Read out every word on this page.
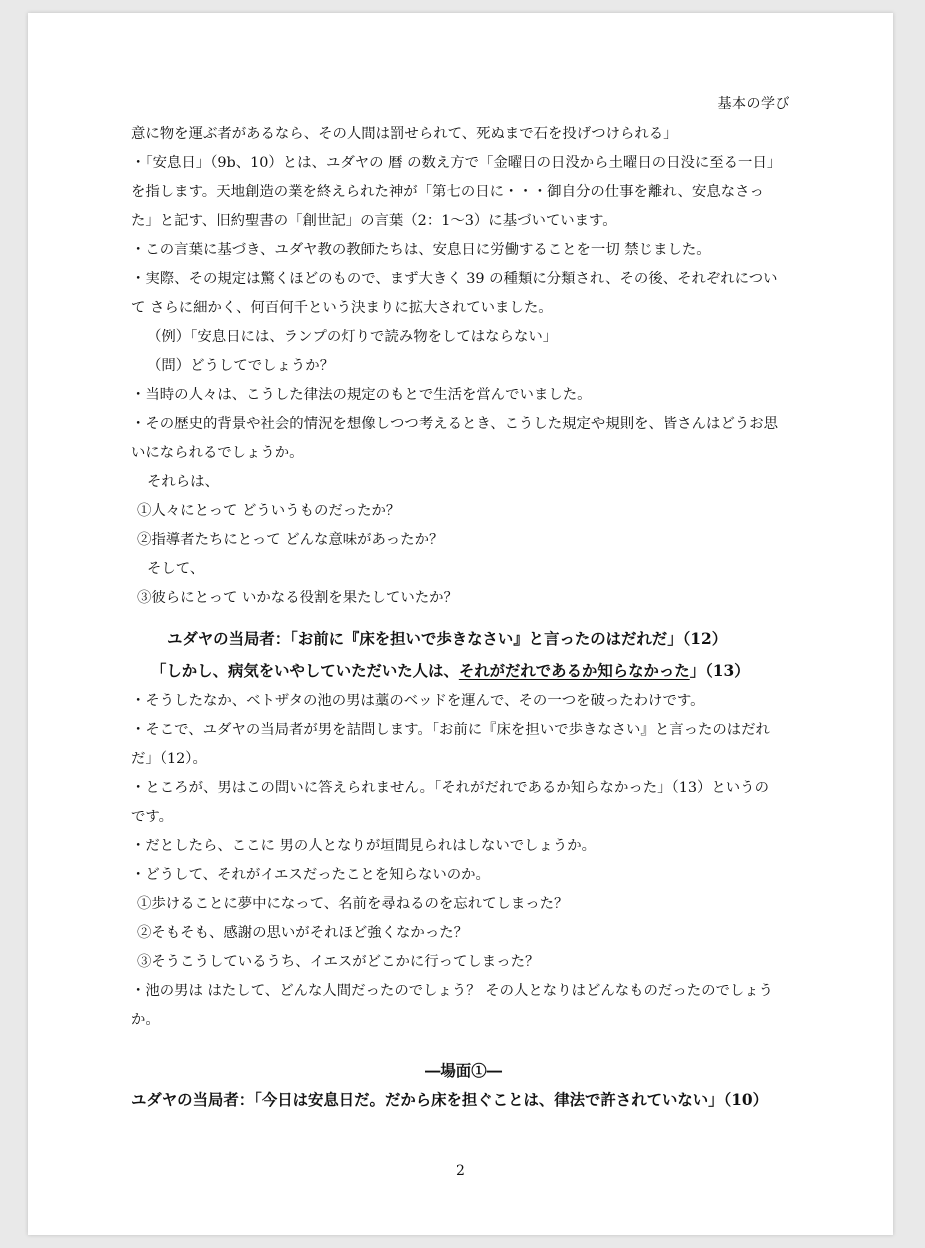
基本の学び
意に物を運ぶ者があるなら、その人間は罰せられて、死ぬまで石を投げつけられる」
・「安息日」（9b、10）とは、ユダヤの 暦 の数え方で「金曜日の日没から土曜日の日没に至る一日」
を指します。天地創造の業を終えられた神が「第七の日に・・・御自分の仕事を離れ、安息なさっ
た」と記す、旧約聖書の「創世記」の言葉（2：1〜3）に基づいています。
・この言葉に基づき、ユダヤ教の教師たちは、安息日に労働することを一切 禁じました。
・実際、その規定は驚くほどのもので、まず大きく 39 の種類に分類され、その後、それぞれについ
て さらに細かく、何百何千という決まりに拡大されていました。
（例）「安息日には、ランプの灯りで読み物をしてはならない」
（問）どうしてでしょうか？
・当時の人々は、こうした律法の規定のもとで生活を営んでいました。
・その歴史的背景や社会的情況を想像しつつ考えるとき、こうした規定や規則を、皆さんはどうお思
いになられるでしょうか。
それらは、
①人々にとって どういうものだったか？
②指導者たちにとって どんな意味があったか？
そして、
③彼らにとって いかなる役割を果たしていたか？
ユダヤの当局者：「お前に『床を担いで歩きなさい』と言ったのはだれだ」（12）
「しかし、病気をいやしていただいた人は、それがだれであるか知らなかった」（13）
・そうしたなか、ベトザタの池の男は藁のベッドを運んで、その一つを破ったわけです。
・そこで、ユダヤの当局者が男を詰問します。「お前に『床を担いで歩きなさい』と言ったのはだれ
だ」（12）。
・ところが、男はこの問いに答えられません。「それがだれであるか知らなかった」（13）というの
です。
・だとしたら、ここに 男の人となりが垣間見られはしないでしょうか。
・どうして、それがイエスだったことを知らないのか。
①歩けることに夢中になって、名前を尋ねるのを忘れてしまった？
②そもそも、感謝の思いがそれほど強くなかった？
③そうこうしているうち、イエスがどこかに行ってしまった？
・池の男は はたして、どんな人間だったのでしょう？ その人となりはどんなものだったのでしょう
か。
―場面①―
ユダヤの当局者：「今日は安息日だ。だから床を担ぐことは、律法で許されていない」（10）
2
